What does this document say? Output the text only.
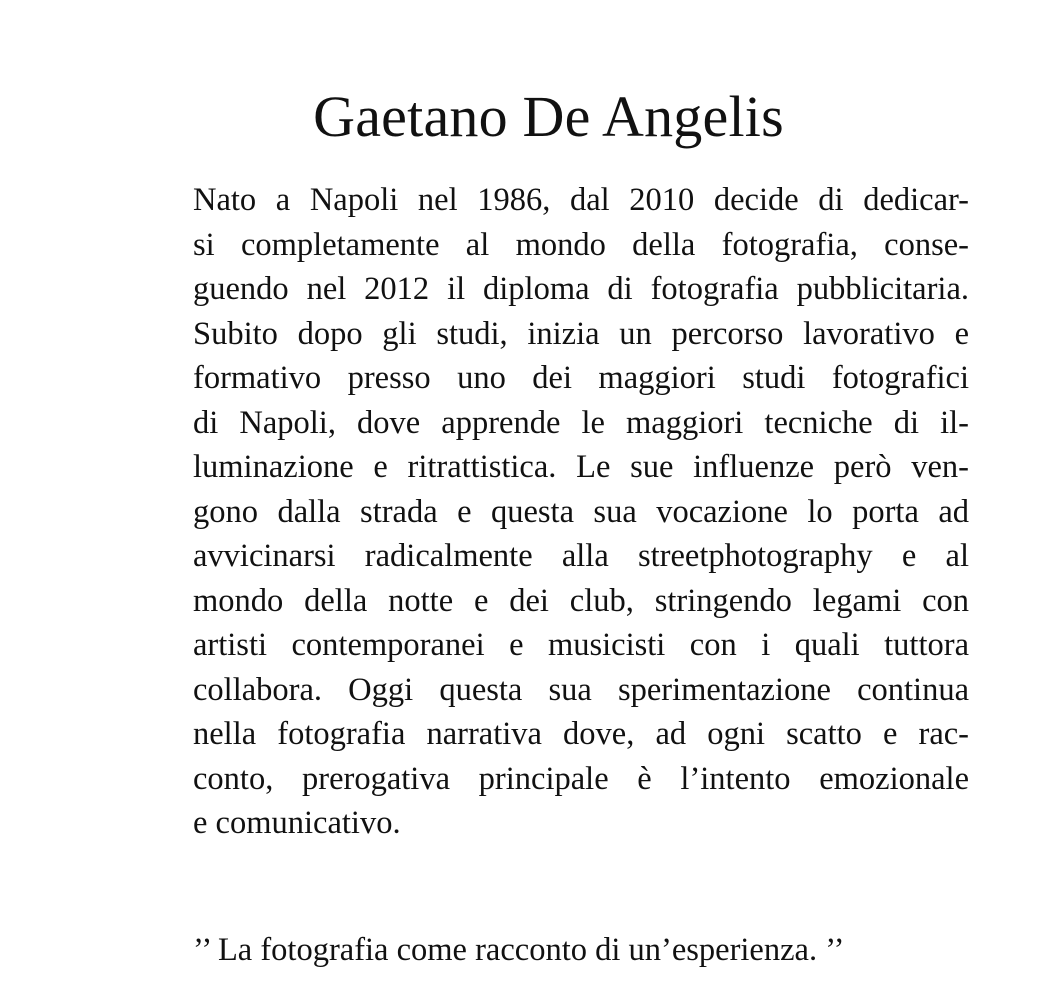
Gaetano De Angelis
Nato a Napoli nel 1986, dal 2010 decide di dedicar-
si completamente al mondo della fotografia, conse-
guendo nel 2012 il diploma di fotografia pubblicitaria.
Subito dopo gli studi, inizia un percorso lavorativo e
formativo presso uno dei maggiori studi fotografici
di Napoli, dove apprende le maggiori tecniche di il-
luminazione e ritrattistica. Le sue influenze però ven-
gono dalla strada e questa sua vocazione lo porta ad
avvicinarsi radicalmente alla streetphotography e al
mondo della notte e dei club, stringendo legami con
artisti contemporanei e musicisti con i quali tuttora
collabora. Oggi questa sua sperimentazione continua
nella fotografia narrativa dove, ad ogni scatto e rac-
conto, prerogativa principale è l’intento emozionale
e comunicativo.

’’ La fotografia come racconto di un’esperienza. ’’
